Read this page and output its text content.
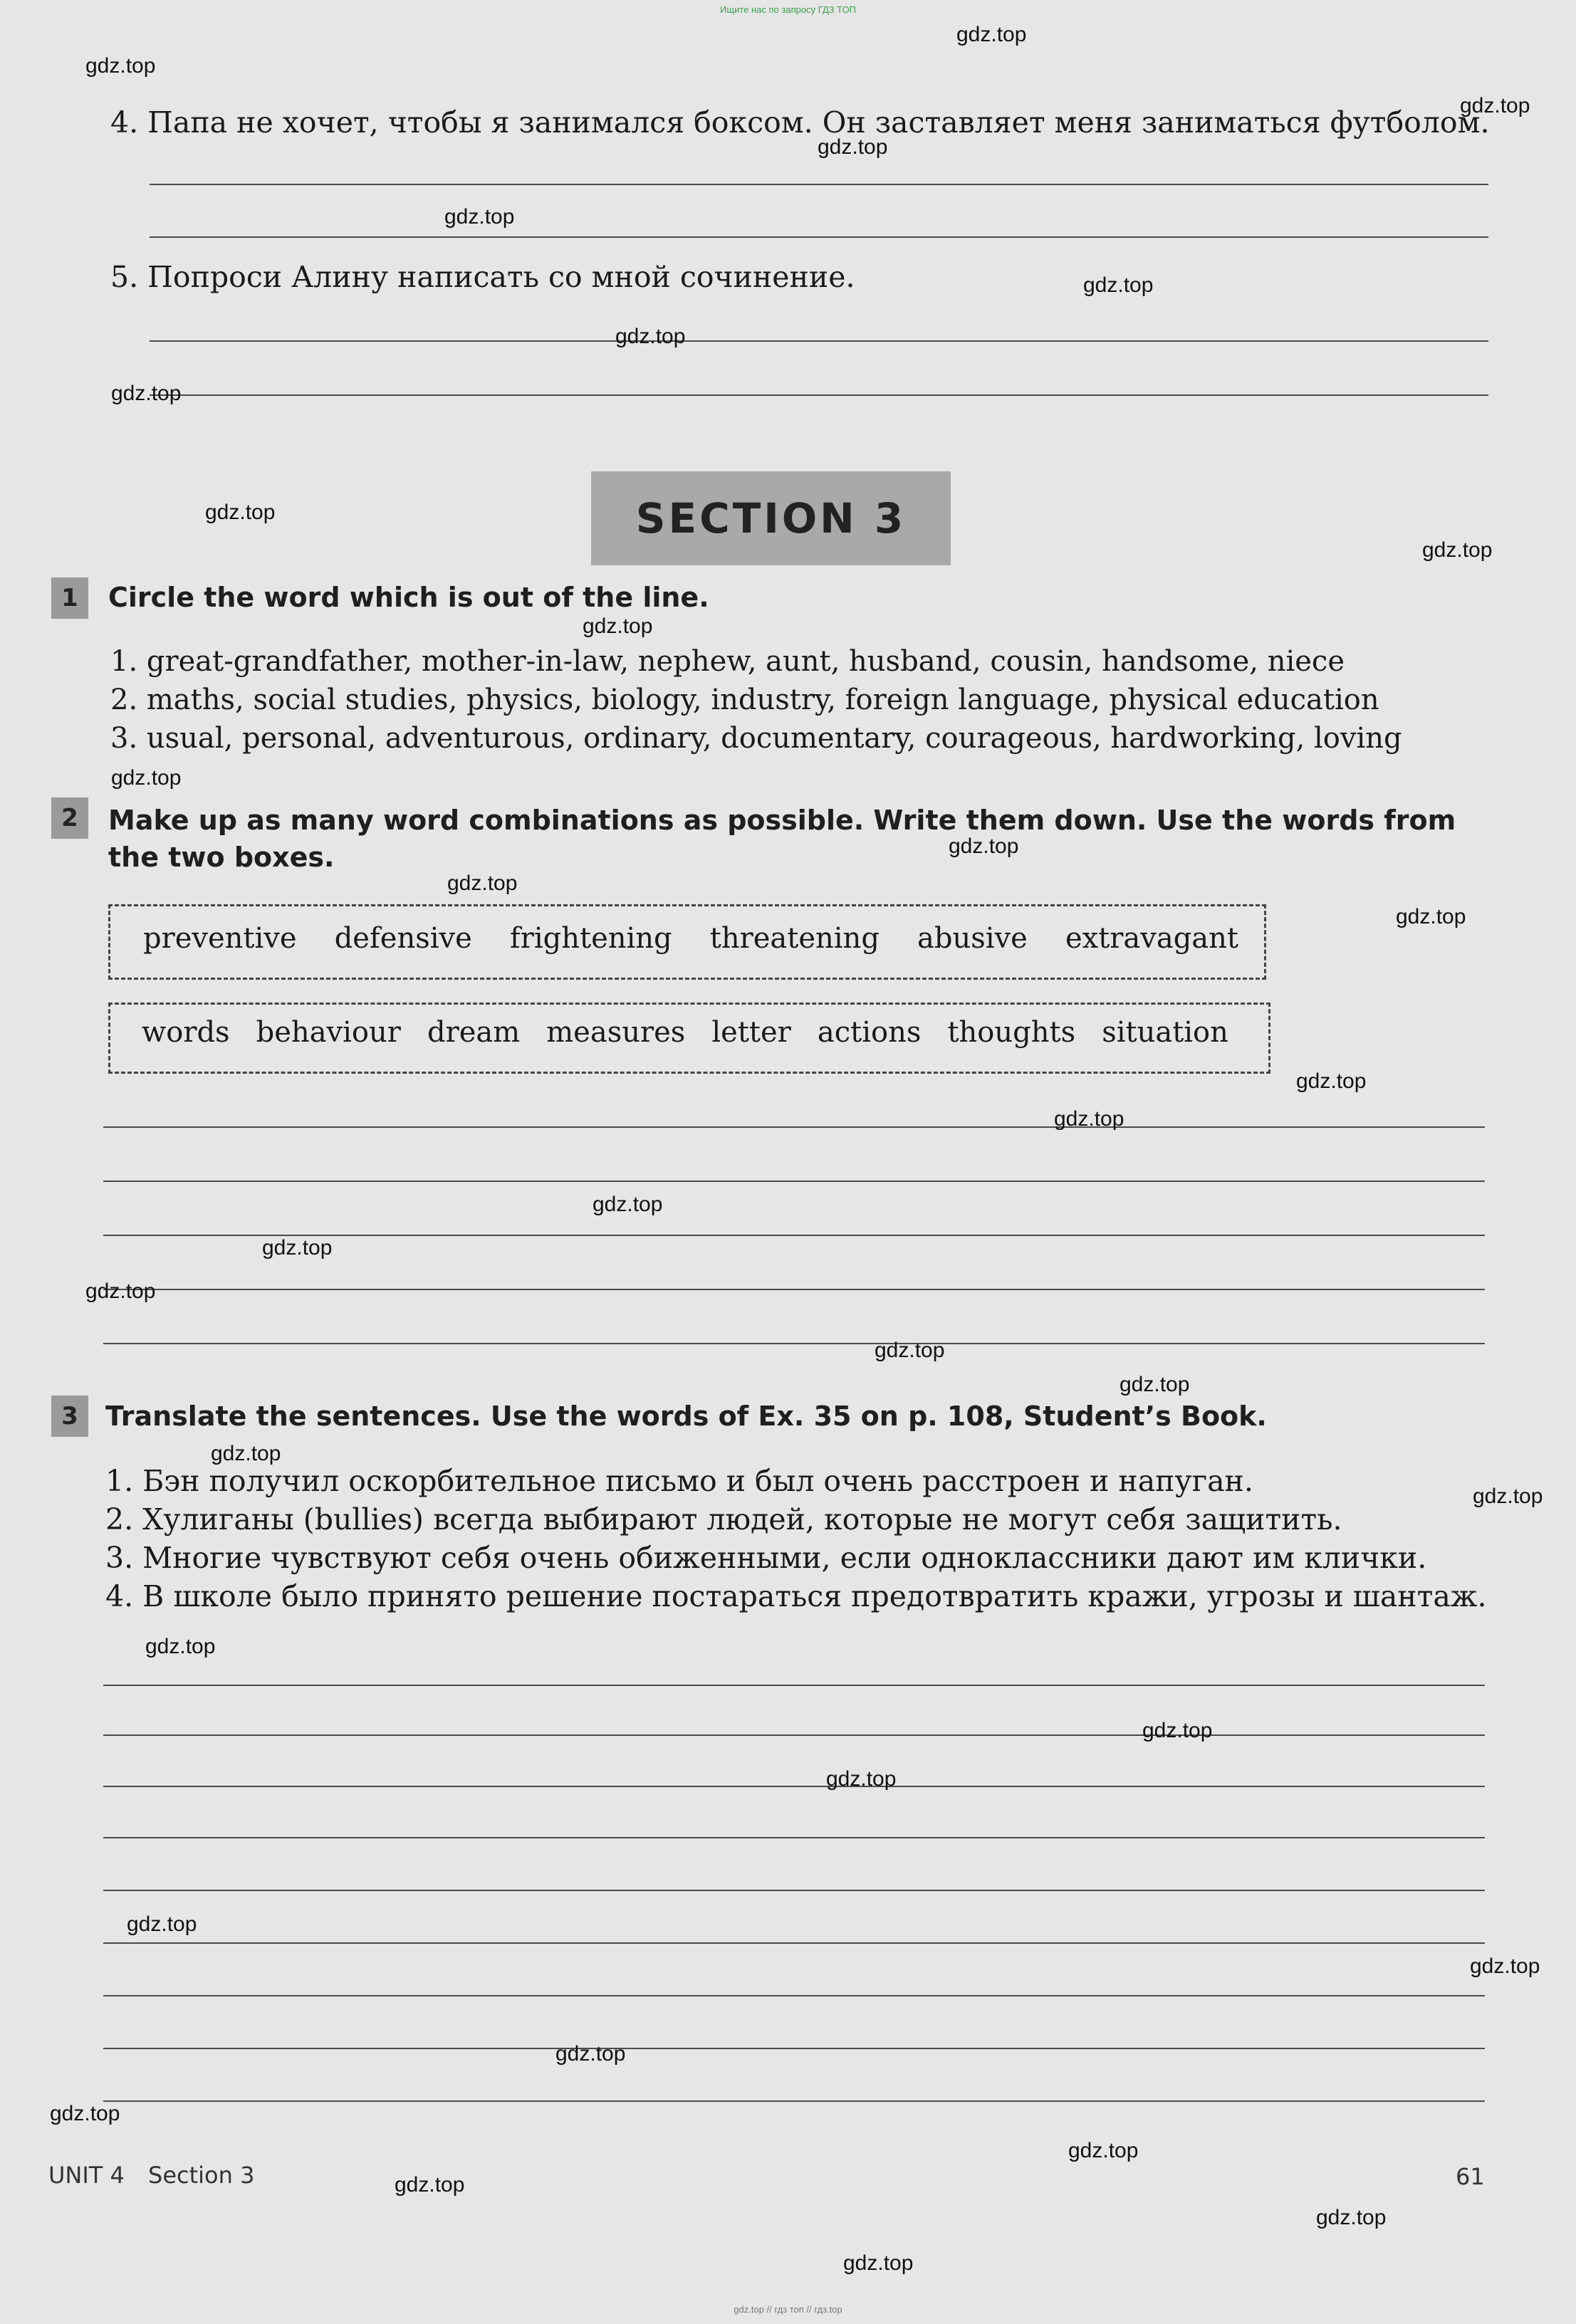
Ищите нас по запросу ГДЗ ТОП
gdz.top // гдз топ // гдз.top
4. Папа не хочет, чтобы я занимался боксом. Он заставляет меня заниматься футболом.
5. Попроси Алину написать со мной сочинение.
SECTION 3
1	Circle the word which is out of the line.
1. great-grandfather, mother-in-law, nephew, aunt, husband, cousin, handsome, niece
2. maths, social studies, physics, biology, industry, foreign language, physical education
3. usual, personal, adventurous, ordinary, documentary, courageous, hardworking, loving
2	Make up as many word combinations as possible. Write them down. Use the words from
the two boxes.
preventive defensive frightening threatening abusive extravagant
words behaviour dream measures letter actions thoughts situation
3	Translate the sentences. Use the words of Ex. 35 on p. 108, Student’s Book.
1. Бэн получил оскорбительное письмо и был очень расстроен и напуган.
2. Хулиганы (bullies) всегда выбирают людей, которые не могут себя защитить.
3. Многие чувствуют себя очень обиженными, если одноклассники дают им клички.
4. В школе было принято решение постараться предотвратить кражи, угрозы и шантаж.
UNIT 4 Section 3	61
gdz.top
gdz.top
gdz.top
gdz.top
gdz.top
gdz.top
gdz.top
gdz.top
gdz.top
gdz.top
gdz.top
gdz.top
gdz.top
gdz.top
gdz.top
gdz.top
gdz.top
gdz.top
gdz.top
gdz.top
gdz.top
gdz.top
gdz.top
gdz.top
gdz.top
gdz.top
gdz.top
gdz.top
gdz.top
gdz.top
gdz.top
gdz.top
gdz.top
gdz.top
gdz.top
